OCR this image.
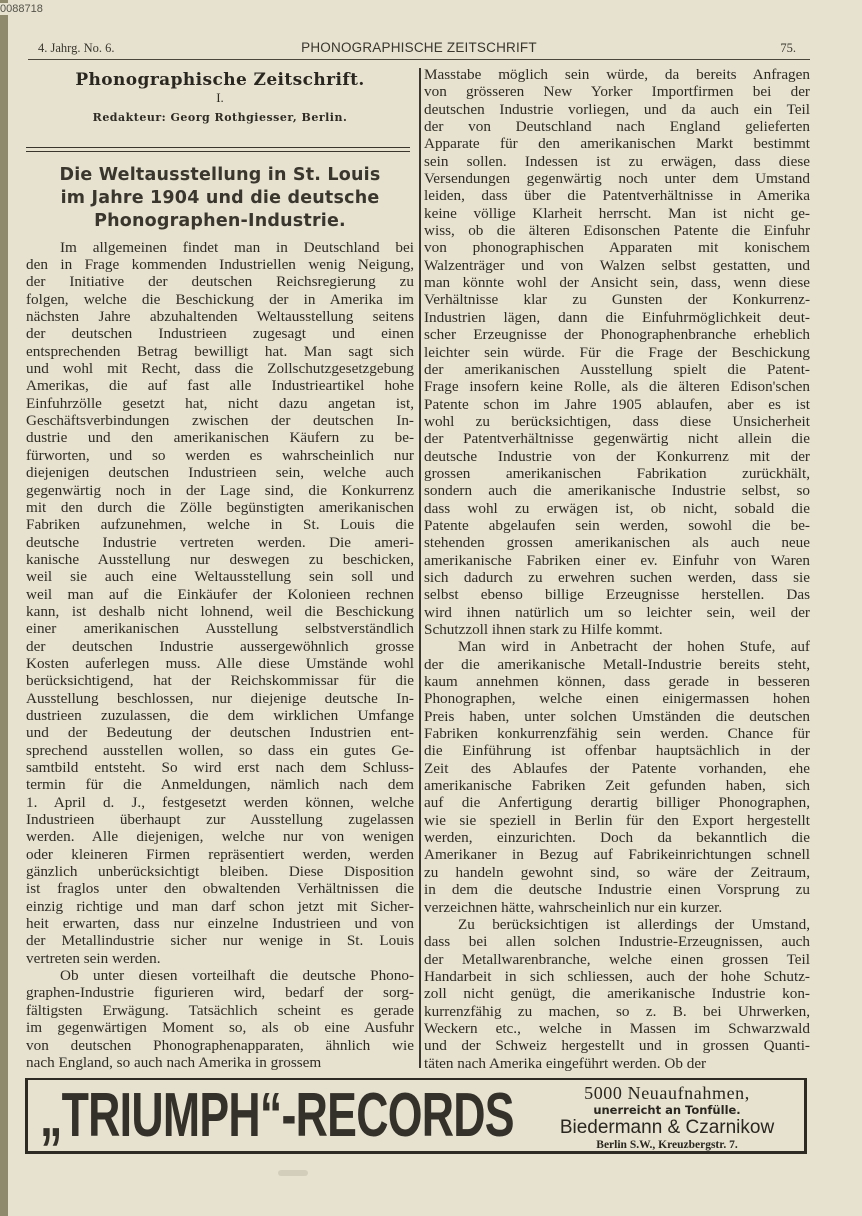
0088718
4. Jahrg. No. 6.	PHONOGRAPHISCHE ZEITSCHRIFT	75.
Phonographische Zeitschrift.
I.
Redakteur: Georg Rothgiesser, Berlin.
Die Weltausstellung in St. Louis
im Jahre 1904 und die deutsche
Phonographen-Industrie.
Im allgemeinen findet man in Deutschland bei
den in Frage kommenden Industriellen wenig Neigung,
der Initiative der deutschen Reichsregierung zu
folgen, welche die Beschickung der in Amerika im
nächsten Jahre abzuhaltenden Weltausstellung seitens
der deutschen Industrieen zugesagt und einen
entsprechenden Betrag bewilligt hat. Man sagt sich
und wohl mit Recht, dass die Zollschutzgesetzgebung
Amerikas, die auf fast alle Industrieartikel hohe
Einfuhrzölle gesetzt hat, nicht dazu angetan ist,
Geschäftsverbindungen zwischen der deutschen In-
dustrie und den amerikanischen Käufern zu be-
fürworten, und so werden es wahrscheinlich nur
diejenigen deutschen Industrieen sein, welche auch
gegenwärtig noch in der Lage sind, die Konkurrenz
mit den durch die Zölle begünstigten amerikanischen
Fabriken aufzunehmen, welche in St. Louis die
deutsche Industrie vertreten werden. Die ameri-
kanische Ausstellung nur deswegen zu beschicken,
weil sie auch eine Weltausstellung sein soll und
weil man auf die Einkäufer der Kolonieen rechnen
kann, ist deshalb nicht lohnend, weil die Beschickung
einer amerikanischen Ausstellung selbstverständlich
der deutschen Industrie aussergewöhnlich grosse
Kosten auferlegen muss. Alle diese Umstände wohl
berücksichtigend, hat der Reichskommissar für die
Ausstellung beschlossen, nur diejenige deutsche In-
dustrieen zuzulassen, die dem wirklichen Umfange
und der Bedeutung der deutschen Industrien ent-
sprechend ausstellen wollen, so dass ein gutes Ge-
samtbild entsteht. So wird erst nach dem Schluss-
termin für die Anmeldungen, nämlich nach dem
1. April d. J., festgesetzt werden können, welche
Industrieen überhaupt zur Ausstellung zugelassen
werden. Alle diejenigen, welche nur von wenigen
oder kleineren Firmen repräsentiert werden, werden
gänzlich unberücksichtigt bleiben. Diese Disposition
ist fraglos unter den obwaltenden Verhältnissen die
einzig richtige und man darf schon jetzt mit Sicher-
heit erwarten, dass nur einzelne Industrieen und von
der Metallindustrie sicher nur wenige in St. Louis
vertreten sein werden.
Ob unter diesen vorteilhaft die deutsche Phono-
graphen-Industrie figurieren wird, bedarf der sorg-
fältigsten Erwägung. Tatsächlich scheint es gerade
im gegenwärtigen Moment so, als ob eine Ausfuhr
von deutschen Phonographenapparaten, ähnlich wie
nach England, so auch nach Amerika in grossem
Masstabe möglich sein würde, da bereits Anfragen
von grösseren New Yorker Importfirmen bei der
deutschen Industrie vorliegen, und da auch ein Teil
der von Deutschland nach England gelieferten
Apparate für den amerikanischen Markt bestimmt
sein sollen. Indessen ist zu erwägen, dass diese
Versendungen gegenwärtig noch unter dem Umstand
leiden, dass über die Patentverhältnisse in Amerika
keine völlige Klarheit herrscht. Man ist nicht ge-
wiss, ob die älteren Edisonschen Patente die Einfuhr
von phonographischen Apparaten mit konischem
Walzenträger und von Walzen selbst gestatten, und
man könnte wohl der Ansicht sein, dass, wenn diese
Verhältnisse klar zu Gunsten der Konkurrenz-
Industrien lägen, dann die Einfuhrmöglichkeit deut-
scher Erzeugnisse der Phonographenbranche erheblich
leichter sein würde. Für die Frage der Beschickung
der amerikanischen Ausstellung spielt die Patent-
Frage insofern keine Rolle, als die älteren Edison'schen
Patente schon im Jahre 1905 ablaufen, aber es ist
wohl zu berücksichtigen, dass diese Unsicherheit
der Patentverhältnisse gegenwärtig nicht allein die
deutsche Industrie von der Konkurrenz mit der
grossen amerikanischen Fabrikation zurückhält,
sondern auch die amerikanische Industrie selbst, so
dass wohl zu erwägen ist, ob nicht, sobald die
Patente abgelaufen sein werden, sowohl die be-
stehenden grossen amerikanischen als auch neue
amerikanische Fabriken einer ev. Einfuhr von Waren
sich dadurch zu erwehren suchen werden, dass sie
selbst ebenso billige Erzeugnisse herstellen. Das
wird ihnen natürlich um so leichter sein, weil der
Schutzzoll ihnen stark zu Hilfe kommt.
Man wird in Anbetracht der hohen Stufe, auf
der die amerikanische Metall-Industrie bereits steht,
kaum annehmen können, dass gerade in besseren
Phonographen, welche einen einigermassen hohen
Preis haben, unter solchen Umständen die deutschen
Fabriken konkurrenzfähig sein werden. Chance für
die Einführung ist offenbar hauptsächlich in der
Zeit des Ablaufes der Patente vorhanden, ehe
amerikanische Fabriken Zeit gefunden haben, sich
auf die Anfertigung derartig billiger Phonographen,
wie sie speziell in Berlin für den Export hergestellt
werden, einzurichten. Doch da bekanntlich die
Amerikaner in Bezug auf Fabrikeinrichtungen schnell
zu handeln gewohnt sind, so wäre der Zeitraum,
in dem die deutsche Industrie einen Vorsprung zu
verzeichnen hätte, wahrscheinlich nur ein kurzer.
Zu berücksichtigen ist allerdings der Umstand,
dass bei allen solchen Industrie-Erzeugnissen, auch
der Metallwarenbranche, welche einen grossen Teil
Handarbeit in sich schliessen, auch der hohe Schutz-
zoll nicht genügt, die amerikanische Industrie kon-
kurrenzfähig zu machen, so z. B. bei Uhrwerken,
Weckern etc., welche in Massen im Schwarzwald
und der Schweiz hergestellt und in grossen Quanti-
täten nach Amerika eingeführt werden. Ob der
„TRIUMPH“-RECORDS	5000 Neuaufnahmen,
unerreicht an Tonfülle.
Biedermann & Czarnikow
Berlin S.W., Kreuzbergstr. 7.
